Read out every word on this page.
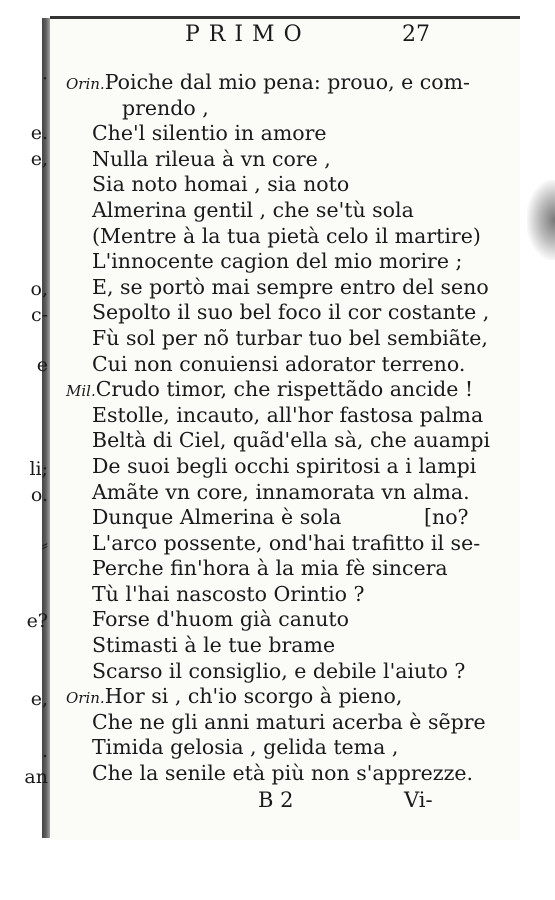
·
e.
e,
o,
c-
e
li;
o.
⸗
e?
e,
.
an
PRIMO	27
Orin.Poiche dal mio pena: prouo, e com-
prendo ,
Che'l silentio in amore
Nulla rileua à vn core ,
Sia noto homai , sia noto
Almerina gentil , che se'tù sola
(Mentre à la tua pietà celo il martire)
L'innocente cagion del mio morire ;
E, se portò mai sempre entro del seno
Sepolto il suo bel foco il cor costante ,
Fù sol per nõ turbar tuo bel sembiãte,
Cui non conuiensi adorator terreno.
Mil.Crudo timor, che rispettãdo ancide !
Estolle, incauto, all'hor fastosa palma
Beltà di Ciel, quãd'ella sà, che auampi
De suoi begli occhi spiritosi a i lampi
Amãte vn core, innamorata vn alma.
Dunque Almerina è sola	[no?
L'arco possente, ond'hai trafitto il se-
Perche fin'hora à la mia fè sincera
Tù l'hai nascosto Orintio ?
Forse d'huom già canuto
Stimasti à le tue brame
Scarso il consiglio, e debile l'aiuto ?
Orin.Hor si , ch'io scorgo à pieno,
Che ne gli anni maturi acerba è sẽpre
Timida gelosia , gelida tema ,
Che la senile età più non s'apprezze.
B 2	Vi-
